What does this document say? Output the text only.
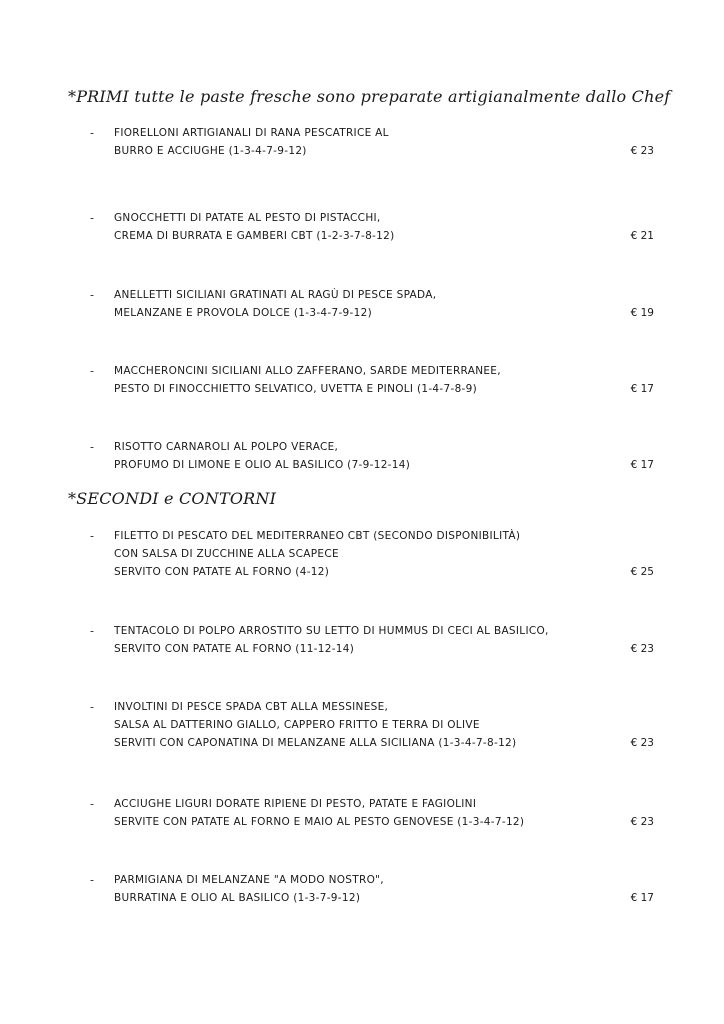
*PRIMI tutte le paste fresche sono preparate artigianalmente dallo Chef
- FIORELLONI ARTIGIANALI DI RANA PESCATRICE AL
BURRO E ACCIUGHE (1-3-4-7-9-12)	€ 23
- GNOCCHETTI DI PATATE AL PESTO DI PISTACCHI,
CREMA DI BURRATA E GAMBERI CBT (1-2-3-7-8-12)	€ 21
- ANELLETTI SICILIANI GRATINATI AL RAGÙ DI PESCE SPADA,
MELANZANE E PROVOLA DOLCE (1-3-4-7-9-12)	€ 19
- MACCHERONCINI SICILIANI ALLO ZAFFERANO, SARDE MEDITERRANEE,
PESTO DI FINOCCHIETTO SELVATICO, UVETTA E PINOLI (1-4-7-8-9)	€ 17
- RISOTTO CARNAROLI AL POLPO VERACE,
PROFUMO DI LIMONE E OLIO AL BASILICO (7-9-12-14)	€ 17
*SECONDI e CONTORNI
- FILETTO DI PESCATO DEL MEDITERRANEO CBT (SECONDO DISPONIBILITÀ)
CON SALSA DI ZUCCHINE ALLA SCAPECE
SERVITO CON PATATE AL FORNO (4-12)	€ 25
- TENTACOLO DI POLPO ARROSTITO SU LETTO DI HUMMUS DI CECI AL BASILICO,
SERVITO CON PATATE AL FORNO (11-12-14)	€ 23
- INVOLTINI DI PESCE SPADA CBT ALLA MESSINESE,
SALSA AL DATTERINO GIALLO, CAPPERO FRITTO E TERRA DI OLIVE
SERVITI CON CAPONATINA DI MELANZANE ALLA SICILIANA (1-3-4-7-8-12)	€ 23
- ACCIUGHE LIGURI DORATE RIPIENE DI PESTO, PATATE E FAGIOLINI
SERVITE CON PATATE AL FORNO E MAIO AL PESTO GENOVESE (1-3-4-7-12)	€ 23
- PARMIGIANA DI MELANZANE "A MODO NOSTRO",
BURRATINA E OLIO AL BASILICO (1-3-7-9-12)	€ 17
